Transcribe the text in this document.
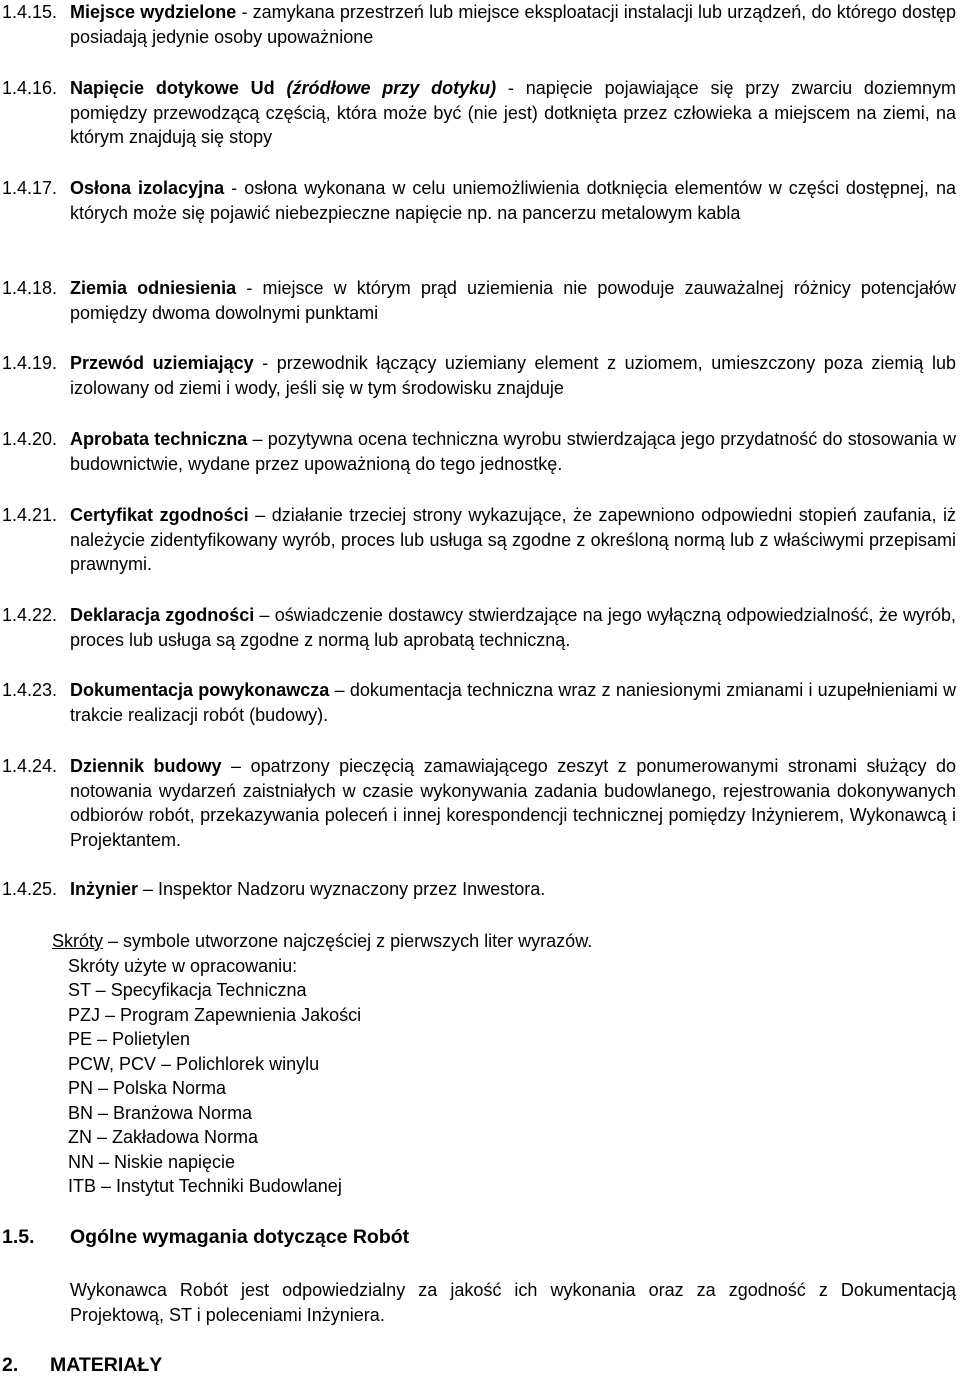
1.4.15. Miejsce wydzielone - zamykana przestrzeń lub miejsce eksploatacji instalacji lub urządzeń, do którego dostęp posiadają jedynie osoby upoważnione
1.4.16. Napięcie dotykowe Ud (źródłowe przy dotyku) - napięcie pojawiające się przy zwarciu doziemnym pomiędzy przewodzącą częścią, która może być (nie jest) dotknięta przez człowieka a miejscem na ziemi, na którym znajdują się stopy
1.4.17. Osłona izolacyjna - osłona wykonana w celu uniemożliwienia dotknięcia elementów w części dostępnej, na których może się pojawić niebezpieczne napięcie np. na pancerzu metalowym kabla
1.4.18. Ziemia odniesienia - miejsce w którym prąd uziemienia nie powoduje zauważalnej różnicy potencjałów pomiędzy dwoma dowolnymi punktami
1.4.19. Przewód uziemiający - przewodnik łączący uziemiany element z uziomem, umieszczony poza ziemią lub izolowany od ziemi i wody, jeśli się w tym środowisku znajduje
1.4.20. Aprobata techniczna – pozytywna ocena techniczna wyrobu stwierdzająca jego przydatność do stosowania w budownictwie, wydane przez upoważnioną do tego jednostkę.
1.4.21. Certyfikat zgodności – działanie trzeciej strony wykazujące, że zapewniono odpowiedni stopień zaufania, iż należycie zidentyfikowany wyrób, proces lub usługa są zgodne z określoną normą lub z właściwymi przepisami prawnymi.
1.4.22. Deklaracja zgodności – oświadczenie dostawcy stwierdzające na jego wyłączną odpowiedzialność, że wyrób, proces lub usługa są zgodne z normą lub aprobatą techniczną.
1.4.23. Dokumentacja powykonawcza – dokumentacja techniczna wraz z naniesionymi zmianami i uzupełnieniami w trakcie realizacji robót (budowy).
1.4.24. Dziennik budowy – opatrzony pieczęcią zamawiającego zeszyt z ponumerowanymi stronami służący do notowania wydarzeń zaistniałych w czasie wykonywania zadania budowlanego, rejestrowania dokonywanych odbiorów robót, przekazywania poleceń i innej korespondencji technicznej pomiędzy Inżynierem, Wykonawcą i Projektantem.
1.4.25. Inżynier – Inspektor Nadzoru wyznaczony przez Inwestora.
Skróty – symbole utworzone najczęściej z pierwszych liter wyrazów.
Skróty użyte w opracowaniu:
ST – Specyfikacja Techniczna
PZJ – Program Zapewnienia Jakości
PE – Polietylen
PCW, PCV – Polichlorek winylu
PN – Polska Norma
BN – Branżowa Norma
ZN – Zakładowa Norma
NN – Niskie napięcie
ITB – Instytut Techniki Budowlanej
1.5. Ogólne wymagania dotyczące Robót
Wykonawca Robót jest odpowiedzialny za jakość ich wykonania oraz za zgodność z Dokumentacją Projektową, ST i poleceniami Inżyniera.
2. MATERIAŁY
